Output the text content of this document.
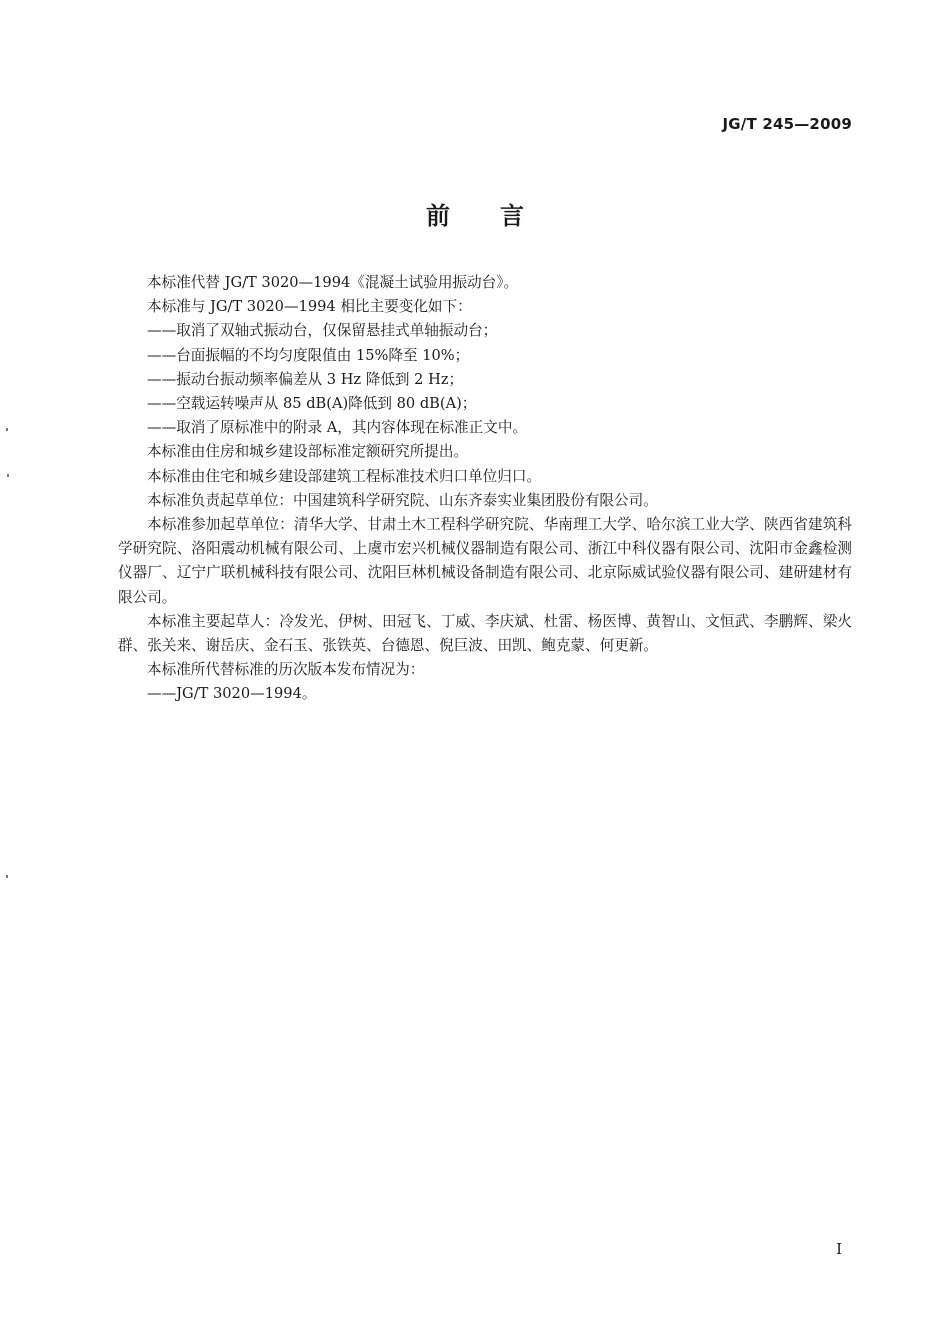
JG/T 245—2009
前言

本标准代替 JG/T 3020—1994《混凝土试验用振动台》。

本标准与 JG/T 3020—1994 相比主要变化如下：

——取消了双轴式振动台，仅保留悬挂式单轴振动台；

——台面振幅的不均匀度限值由 15%降至 10%；

——振动台振动频率偏差从 3 Hz 降低到 2 Hz；

——空载运转噪声从 85 dB(A)降低到 80 dB(A)；

——取消了原标准中的附录 A，其内容体现在标准正文中。

本标准由住房和城乡建设部标准定额研究所提出。

本标准由住宅和城乡建设部建筑工程标准技术归口单位归口。

本标准负责起草单位：中国建筑科学研究院、山东齐泰实业集团股份有限公司。

本标准参加起草单位：清华大学、甘肃土木工程科学研究院、华南理工大学、哈尔滨工业大学、陕西省建筑科学研究院、洛阳震动机械有限公司、上虞市宏兴机械仪器制造有限公司、浙江中科仪器有限公司、沈阳市金鑫检测仪器厂、辽宁广联机械科技有限公司、沈阳巨林机械设备制造有限公司、北京际威试验仪器有限公司、建研建材有限公司。

本标准主要起草人：冷发光、伊树、田冠飞、丁威、李庆斌、杜雷、杨医博、黄智山、文恒武、李鹏辉、梁火群、张关来、谢岳庆、金石玉、张铁英、台德恩、倪巨波、田凯、鲍克蒙、何更新。

本标准所代替标准的历次版本发布情况为：

——JG/T 3020—1994。

I
